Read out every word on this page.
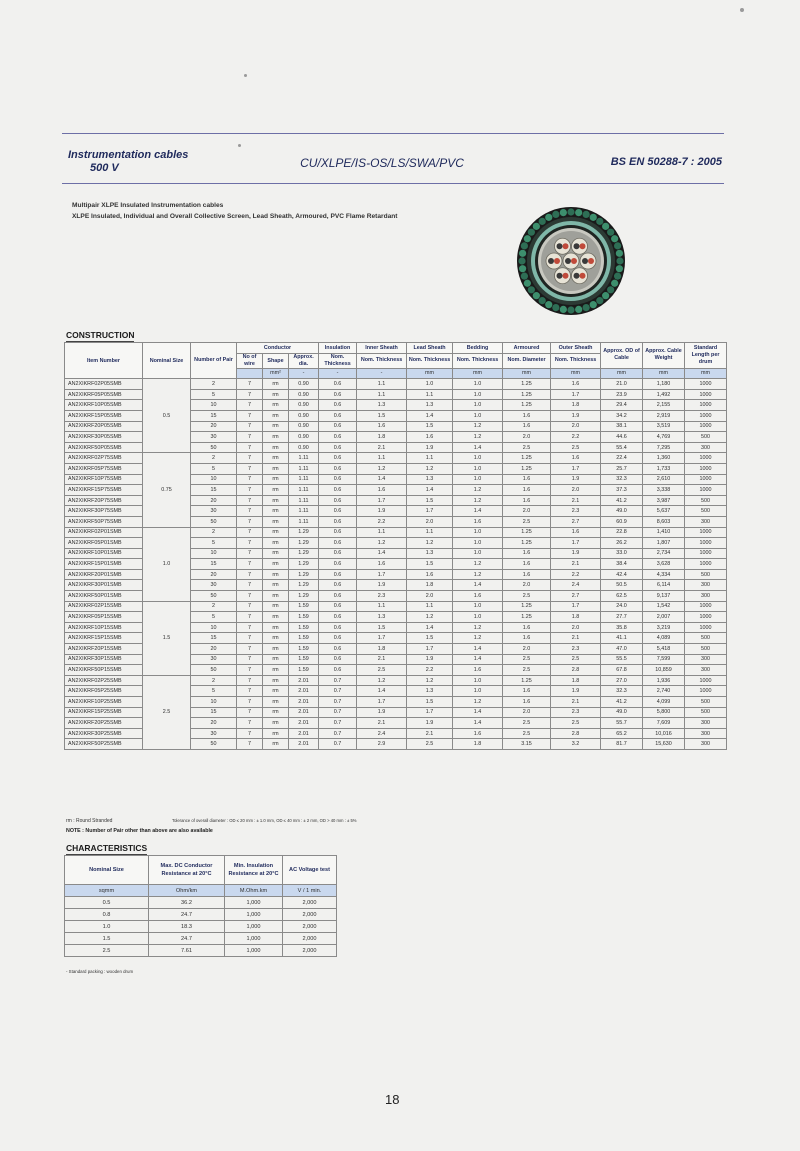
Instrumentation cables
500 V	CU/XLPE/IS-OS/LS/SWA/PVC	BS EN 50288-7 : 2005
Multipair XLPE Insulated Instrumentation cables
XLPE Insulated, Individual and Overall Collective Screen, Lead Sheath, Armoured, PVC Flame Retardant
CONSTRUCTION
Item Number	Nominal Size	Number of Pair	Conductor			Insulation	Inner Sheath	Lead Sheath	Bedding	Armoured	Outer Sheath	Approx. OD of Cable	Approx. Cable Weight	Standard Length per drum	
			No of wire	Shape	Approx. dia.	Nom. Thickness	Nom. Thickness	Nom. Thickness	Nom. Thickness	Nom. Diameter	Nom. Thickness				
				mm²	-	-	-	mm	mm	mm	mm	mm	mm	mm			
AN2XIKRF02P05SMB	0.5	2	7	rm	0.90	0.6	1.1	1.0	1.0	1.25	1.6	21.0	1,180	1000	
AN2XIKRF05P05SMB		5	7	rm	0.90	0.6	1.1	1.1	1.0	1.25	1.7	23.9	1,492	1000	
AN2XIKRF10P05SMB		10	7	rm	0.90	0.6	1.3	1.3	1.0	1.25	1.8	29.4	2,155	1000	
AN2XIKRF15P05SMB		15	7	rm	0.90	0.6	1.5	1.4	1.0	1.6	1.9	34.2	2,919	1000	
AN2XIKRF20P05SMB		20	7	rm	0.90	0.6	1.6	1.5	1.2	1.6	2.0	38.1	3,519	1000	
AN2XIKRF30P05SMB		30	7	rm	0.90	0.6	1.8	1.6	1.2	2.0	2.2	44.6	4,769	500	
AN2XIKRF50P05SMB		50	7	rm	0.90	0.6	2.1	1.9	1.4	2.5	2.5	55.4	7,295	300	
AN2XIKRF02P75SMB	0.75	2	7	rm	1.11	0.6	1.1	1.1	1.0	1.25	1.6	22.4	1,360	1000	
AN2XIKRF05P75SMB		5	7	rm	1.11	0.6	1.2	1.2	1.0	1.25	1.7	25.7	1,733	1000	
AN2XIKRF10P75SMB		10	7	rm	1.11	0.6	1.4	1.3	1.0	1.6	1.9	32.3	2,610	1000	
AN2XIKRF15P75SMB		15	7	rm	1.11	0.6	1.6	1.4	1.2	1.6	2.0	37.3	3,338	1000	
AN2XIKRF20P75SMB		20	7	rm	1.11	0.6	1.7	1.5	1.2	1.6	2.1	41.2	3,987	500	
AN2XIKRF30P75SMB		30	7	rm	1.11	0.6	1.9	1.7	1.4	2.0	2.3	49.0	5,637	500	
AN2XIKRF50P75SMB		50	7	rm	1.11	0.6	2.2	2.0	1.6	2.5	2.7	60.9	8,603	300	
AN2XIKRF02P01SMB	1.0	2	7	rm	1.29	0.6	1.1	1.1	1.0	1.25	1.6	22.8	1,410	1000	
AN2XIKRF05P01SMB		5	7	rm	1.29	0.6	1.2	1.2	1.0	1.25	1.7	26.2	1,807	1000	
AN2XIKRF10P01SMB		10	7	rm	1.29	0.6	1.4	1.3	1.0	1.6	1.9	33.0	2,734	1000	
AN2XIKRF15P01SMB		15	7	rm	1.29	0.6	1.6	1.5	1.2	1.6	2.1	38.4	3,628	1000	
AN2XIKRF20P01SMB		20	7	rm	1.29	0.6	1.7	1.6	1.2	1.6	2.2	42.4	4,334	500	
AN2XIKRF30P01SMB		30	7	rm	1.29	0.6	1.9	1.8	1.4	2.0	2.4	50.5	6,114	300	
AN2XIKRF50P01SMB		50	7	rm	1.29	0.6	2.3	2.0	1.6	2.5	2.7	62.5	9,137	300	
AN2XIKRF02P15SMB	1.5	2	7	rm	1.59	0.6	1.1	1.1	1.0	1.25	1.7	24.0	1,542	1000	
AN2XIKRF05P15SMB		5	7	rm	1.59	0.6	1.3	1.2	1.0	1.25	1.8	27.7	2,007	1000	
AN2XIKRF10P15SMB		10	7	rm	1.59	0.6	1.5	1.4	1.2	1.6	2.0	35.8	3,219	1000	
AN2XIKRF15P15SMB		15	7	rm	1.59	0.6	1.7	1.5	1.2	1.6	2.1	41.1	4,089	500	
AN2XIKRF20P15SMB		20	7	rm	1.59	0.6	1.8	1.7	1.4	2.0	2.3	47.0	5,418	500	
AN2XIKRF30P15SMB		30	7	rm	1.59	0.6	2.1	1.9	1.4	2.5	2.5	55.5	7,599	300	
AN2XIKRF50P15SMB		50	7	rm	1.59	0.6	2.5	2.2	1.6	2.5	2.8	67.8	10,859	300	
AN2XIKRF02P25SMB	2.5	2	7	rm	2.01	0.7	1.2	1.2	1.0	1.25	1.8	27.0	1,936	1000	
AN2XIKRF05P25SMB		5	7	rm	2.01	0.7	1.4	1.3	1.0	1.6	1.9	32.3	2,740	1000	
AN2XIKRF10P25SMB		10	7	rm	2.01	0.7	1.7	1.5	1.2	1.6	2.1	41.2	4,099	500	
AN2XIKRF15P25SMB		15	7	rm	2.01	0.7	1.9	1.7	1.4	2.0	2.3	49.0	5,800	500	
AN2XIKRF20P25SMB		20	7	rm	2.01	0.7	2.1	1.9	1.4	2.5	2.5	55.7	7,609	300	
AN2XIKRF30P25SMB		30	7	rm	2.01	0.7	2.4	2.1	1.6	2.5	2.8	65.2	10,016	300	
AN2XIKRF50P25SMB		50	7	rm	2.01	0.7	2.9	2.5	1.8	3.15	3.2	81.7	15,630	300	
rm : Round Stranded	Tolerance of overall diameter : OD ≤ 20 mm : ± 1.0 mm, OD ≤ 40 mm : ± 2 mm, OD > 40 mm : ± 5%
NOTE : Number of Pair other than above are also available
CHARACTERISTICS
Nominal Size	Max. DC Conductor Resistance at 20°C	Min. Insulation Resistance at 20°C	AC Voltage test
sqmm	Ohm/km	M.Ohm.km	V / 1 min.
0.5	36.2	1,000	2,000
0.8	24.7	1,000	2,000
1.0	18.3	1,000	2,000
1.5	24.7	1,000	2,000
2.5	7.61	1,000	2,000
- Standard packing : wooden drum
18
